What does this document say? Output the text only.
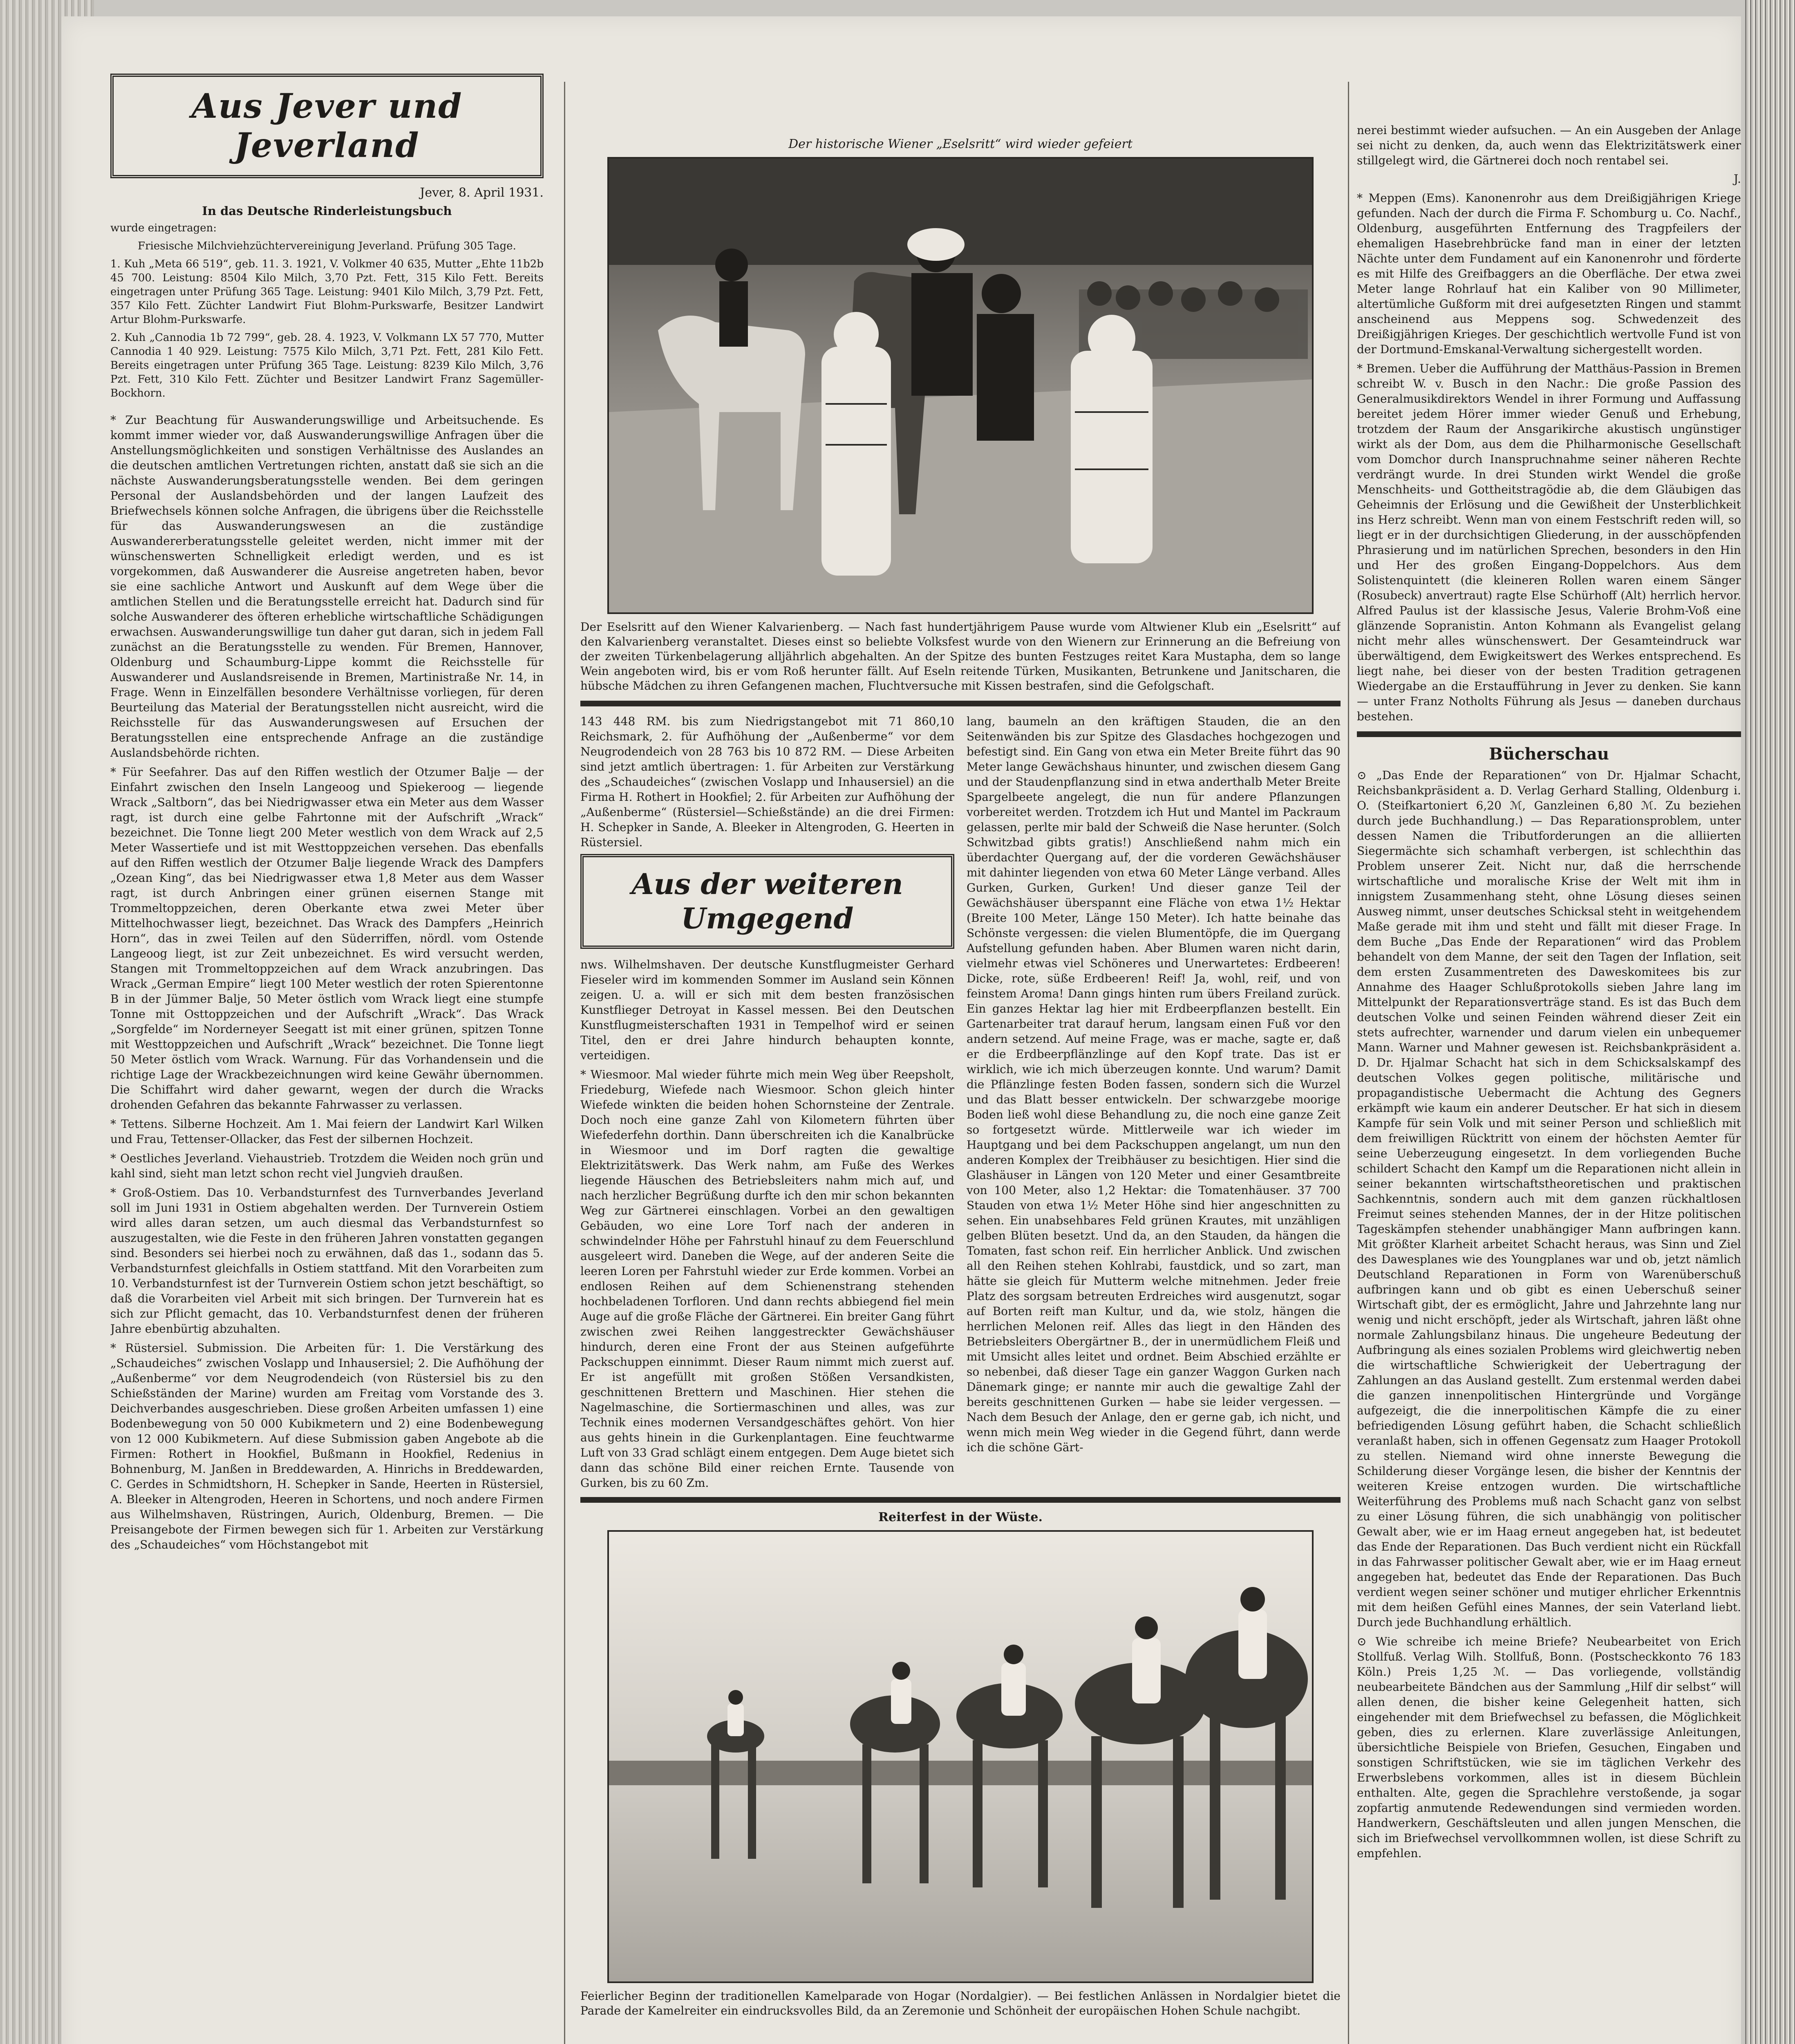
Aus Jever und Jeverland
Jever, 8. April 1931.
In das Deutsche Rinderleistungsbuch

wurde eingetragen:

Friesische Milchviehzüchtervereinigung Jeverland. Prüfung 305 Tage.

1. Kuh „Meta 66 519“, geb. 11. 3. 1921, V. Volkmer 40 635, Mutter „Ehte 11b2b 45 700. Leistung: 8504 Kilo Milch, 3,70 Pzt. Fett, 315 Kilo Fett. Bereits eingetragen unter Prüfung 365 Tage. Leistung: 9401 Kilo Milch, 3,79 Pzt. Fett, 357 Kilo Fett. Züchter Landwirt Fiut Blohm-Purkswarfe, Besitzer Landwirt Artur Blohm-Purkswarfe.

2. Kuh „Cannodia 1b 72 799“, geb. 28. 4. 1923, V. Volkmann LX 57 770, Mutter Cannodia 1 40 929. Leistung: 7575 Kilo Milch, 3,71 Pzt. Fett, 281 Kilo Fett. Bereits eingetragen unter Prüfung 365 Tage. Leistung: 8239 Kilo Milch, 3,76 Pzt. Fett, 310 Kilo Fett. Züchter und Besitzer Landwirt Franz Sagemüller-Bockhorn.

* Zur Beachtung für Auswanderungswillige und Arbeitsuchende. Es kommt immer wieder vor, daß Auswanderungswillige Anfragen über die Anstellungsmöglichkeiten und sonstigen Verhältnisse des Auslandes an die deutschen amtlichen Vertretungen richten, anstatt daß sie sich an die nächste Auswanderungsberatungsstelle wenden. Bei dem geringen Personal der Auslandsbehörden und der langen Laufzeit des Briefwechsels können solche Anfragen, die übrigens über die Reichsstelle für das Auswanderungswesen an die zuständige Auswandererberatungsstelle geleitet werden, nicht immer mit der wünschenswerten Schnelligkeit erledigt werden, und es ist vorgekommen, daß Auswanderer die Ausreise angetreten haben, bevor sie eine sachliche Antwort und Auskunft auf dem Wege über die amtlichen Stellen und die Beratungsstelle erreicht hat. Dadurch sind für solche Auswanderer des öfteren erhebliche wirtschaftliche Schädigungen erwachsen. Auswanderungswillige tun daher gut daran, sich in jedem Fall zunächst an die Beratungsstelle zu wenden. Für Bremen, Hannover, Oldenburg und Schaumburg-Lippe kommt die Reichsstelle für Auswanderer und Auslandsreisende in Bremen, Martinistraße Nr. 14, in Frage. Wenn in Einzelfällen besondere Verhältnisse vorliegen, für deren Beurteilung das Material der Beratungsstellen nicht ausreicht, wird die Reichsstelle für das Auswanderungswesen auf Ersuchen der Beratungsstellen eine entsprechende Anfrage an die zuständige Auslandsbehörde richten.

* Für Seefahrer. Das auf den Riffen westlich der Otzumer Balje — der Einfahrt zwischen den Inseln Langeoog und Spiekeroog — liegende Wrack „Saltborn“, das bei Niedrigwasser etwa ein Meter aus dem Wasser ragt, ist durch eine gelbe Fahrtonne mit der Aufschrift „Wrack“ bezeichnet. Die Tonne liegt 200 Meter westlich von dem Wrack auf 2,5 Meter Wassertiefe und ist mit Westtoppzeichen versehen. Das ebenfalls auf den Riffen westlich der Otzumer Balje liegende Wrack des Dampfers „Ozean King“, das bei Niedrigwasser etwa 1,8 Meter aus dem Wasser ragt, ist durch Anbringen einer grünen eisernen Stange mit Trommeltoppzeichen, deren Oberkante etwa zwei Meter über Mittelhochwasser liegt, bezeichnet. Das Wrack des Dampfers „Heinrich Horn“, das in zwei Teilen auf den Süderriffen, nördl. vom Ostende Langeoog liegt, ist zur Zeit unbezeichnet. Es wird versucht werden, Stangen mit Trommeltoppzeichen auf dem Wrack anzubringen. Das Wrack „German Empire“ liegt 100 Meter westlich der roten Spierentonne B in der Jümmer Balje, 50 Meter östlich vom Wrack liegt eine stumpfe Tonne mit Osttoppzeichen und der Aufschrift „Wrack“. Das Wrack „Sorgfelde“ im Norderneyer Seegatt ist mit einer grünen, spitzen Tonne mit Westtoppzeichen und Aufschrift „Wrack“ bezeichnet. Die Tonne liegt 50 Meter östlich vom Wrack. Warnung. Für das Vorhandensein und die richtige Lage der Wrackbezeichnungen wird keine Gewähr übernommen. Die Schiffahrt wird daher gewarnt, wegen der durch die Wracks drohenden Gefahren das bekannte Fahrwasser zu verlassen.

* Tettens. Silberne Hochzeit. Am 1. Mai feiern der Landwirt Karl Wilken und Frau, Tettenser-Ollacker, das Fest der silbernen Hochzeit.

* Oestliches Jeverland. Viehaustrieb. Trotzdem die Weiden noch grün und kahl sind, sieht man letzt schon recht viel Jungvieh draußen.

* Groß-Ostiem. Das 10. Verbandsturnfest des Turnverbandes Jeverland soll im Juni 1931 in Ostiem abgehalten werden. Der Turnverein Ostiem wird alles daran setzen, um auch diesmal das Verbandsturnfest so auszugestalten, wie die Feste in den früheren Jahren vonstatten gegangen sind. Besonders sei hierbei noch zu erwähnen, daß das 1., sodann das 5. Verbandsturnfest gleichfalls in Ostiem stattfand. Mit den Vorarbeiten zum 10. Verbandsturnfest ist der Turnverein Ostiem schon jetzt beschäftigt, so daß die Vorarbeiten viel Arbeit mit sich bringen. Der Turnverein hat es sich zur Pflicht gemacht, das 10. Verbandsturnfest denen der früheren Jahre ebenbürtig abzuhalten.

* Rüstersiel. Submission. Die Arbeiten für: 1. Die Verstärkung des „Schaudeiches“ zwischen Voslapp und Inhausersiel; 2. Die Aufhöhung der „Außenberme“ vor dem Neugrodendeich (von Rüstersiel bis zu den Schießständen der Marine) wurden am Freitag vom Vorstande des 3. Deichverbandes ausgeschrieben. Diese großen Arbeiten umfassen 1) eine Bodenbewegung von 50 000 Kubikmetern und 2) eine Bodenbewegung von 12 000 Kubikmetern. Auf diese Submission gaben Angebote ab die Firmen: Rothert in Hookfiel, Bußmann in Hookfiel, Redenius in Bohnenburg, M. Janßen in Breddewarden, A. Hinrichs in Breddewarden, C. Gerdes in Schmidtshorn, H. Schepker in Sande, Heerten in Rüstersiel, A. Bleeker in Altengroden, Heeren in Schortens, und noch andere Firmen aus Wilhelmshaven, Rüstringen, Aurich, Oldenburg, Bremen. — Die Preisangebote der Firmen bewegen sich für 1. Arbeiten zur Verstärkung des „Schaudeiches“ vom Höchstangebot mit

Der historische Wiener „Eselsritt“ wird wieder gefeiert
Der Eselsritt auf den Wiener Kalvarienberg. — Nach fast hundertjährigem Pause wurde vom Altwiener Klub ein „Eselsritt“ auf den Kalvarienberg veranstaltet. Dieses einst so beliebte Volksfest wurde von den Wienern zur Erinnerung an die Befreiung von der zweiten Türkenbelagerung alljährlich abgehalten. An der Spitze des bunten Festzuges reitet Kara Mustapha, dem so lange Wein angeboten wird, bis er vom Roß herunter fällt. Auf Eseln reitende Türken, Musikanten, Betrunkene und Janitscharen, die hübsche Mädchen zu ihren Gefangenen machen, Fluchtversuche mit Kissen bestrafen, sind die Gefolgschaft.

143 448 RM. bis zum Niedrigstangebot mit 71 860,10 Reichsmark, 2. für Aufhöhung der „Außenberme“ vor dem Neugrodendeich von 28 763 bis 10 872 RM. — Diese Arbeiten sind jetzt amtlich übertragen: 1. für Arbeiten zur Verstärkung des „Schaudeiches“ (zwischen Voslapp und Inhausersiel) an die Firma H. Rothert in Hookfiel; 2. für Arbeiten zur Aufhöhung der „Außenberme“ (Rüstersiel—Schießstände) an die drei Firmen: H. Schepker in Sande, A. Bleeker in Altengroden, G. Heerten in Rüstersiel.

Aus der weiteren Umgegend

nws. Wilhelmshaven. Der deutsche Kunstflugmeister Gerhard Fieseler wird im kommenden Sommer im Ausland sein Können zeigen. U. a. will er sich mit dem besten französischen Kunstflieger Detroyat in Kassel messen. Bei den Deutschen Kunstflugmeisterschaften 1931 in Tempelhof wird er seinen Titel, den er drei Jahre hindurch behaupten konnte, verteidigen.

* Wiesmoor. Mal wieder führte mich mein Weg über Reepsholt, Friedeburg, Wiefede nach Wiesmoor. Schon gleich hinter Wiefede winkten die beiden hohen Schornsteine der Zentrale. Doch noch eine ganze Zahl von Kilometern führten über Wiefederfehn dorthin. Dann überschreiten ich die Kanalbrücke in Wiesmoor und im Dorf ragten die gewaltige Elektrizitätswerk. Das Werk nahm, am Fuße des Werkes liegende Häuschen des Betriebsleiters nahm mich auf, und nach herzlicher Begrüßung durfte ich den mir schon bekannten Weg zur Gärtnerei einschlagen. Vorbei an den gewaltigen Gebäuden, wo eine Lore Torf nach der anderen in schwindelnder Höhe per Fahrstuhl hinauf zu dem Feuerschlund ausgeleert wird. Daneben die Wege, auf der anderen Seite die leeren Loren per Fahrstuhl wieder zur Erde kommen. Vorbei an endlosen Reihen auf dem Schienenstrang stehenden hochbeladenen Torfloren. Und dann rechts abbiegend fiel mein Auge auf die große Fläche der Gärtnerei. Ein breiter Gang führt zwischen zwei Reihen langgestreckter Gewächshäuser hindurch, deren eine Front der aus Steinen aufgeführte Packschuppen einnimmt. Dieser Raum nimmt mich zuerst auf. Er ist angefüllt mit großen Stößen Versandkisten, geschnittenen Brettern und Maschinen. Hier stehen die Nagelmaschine, die Sortiermaschinen und alles, was zur Technik eines modernen Versandgeschäftes gehört. Von hier aus gehts hinein in die Gurkenplantagen. Eine feuchtwarme Luft von 33 Grad schlägt einem entgegen. Dem Auge bietet sich dann das schöne Bild einer reichen Ernte. Tausende von Gurken, bis zu 60 Zm.

lang, baumeln an den kräftigen Stauden, die an den Seitenwänden bis zur Spitze des Glasdaches hochgezogen und befestigt sind. Ein Gang von etwa ein Meter Breite führt das 90 Meter lange Gewächshaus hinunter, und zwischen diesem Gang und der Staudenpflanzung sind in etwa anderthalb Meter Breite Spargelbeete angelegt, die nun für andere Pflanzungen vorbereitet werden. Trotzdem ich Hut und Mantel im Packraum gelassen, perlte mir bald der Schweiß die Nase herunter. (Solch Schwitzbad gibts gratis!) Anschließend nahm mich ein überdachter Quergang auf, der die vorderen Gewächshäuser mit dahinter liegenden von etwa 60 Meter Länge verband. Alles Gurken, Gurken, Gurken! Und dieser ganze Teil der Gewächshäuser überspannt eine Fläche von etwa 1½ Hektar (Breite 100 Meter, Länge 150 Meter). Ich hatte beinahe das Schönste vergessen: die vielen Blumentöpfe, die im Quergang Aufstellung gefunden haben. Aber Blumen waren nicht darin, vielmehr etwas viel Schöneres und Unerwartetes: Erdbeeren! Dicke, rote, süße Erdbeeren! Reif! Ja, wohl, reif, und von feinstem Aroma! Dann gings hinten rum übers Freiland zurück. Ein ganzes Hektar lag hier mit Erdbeerpflanzen bestellt. Ein Gartenarbeiter trat darauf herum, langsam einen Fuß vor den andern setzend. Auf meine Frage, was er mache, sagte er, daß er die Erdbeerpflänzlinge auf den Kopf trate. Das ist er wirklich, wie ich mich überzeugen konnte. Und warum? Damit die Pflänzlinge festen Boden fassen, sondern sich die Wurzel und das Blatt besser entwickeln. Der schwarzgebe moorige Boden ließ wohl diese Behandlung zu, die noch eine ganze Zeit so fortgesetzt würde. Mittlerweile war ich wieder im Hauptgang und bei dem Packschuppen angelangt, um nun den anderen Komplex der Treibhäuser zu besichtigen. Hier sind die Glashäuser in Längen von 120 Meter und einer Gesamtbreite von 100 Meter, also 1,2 Hektar: die Tomatenhäuser. 37 700 Stauden von etwa 1½ Meter Höhe sind hier angeschnitten zu sehen. Ein unabsehbares Feld grünen Krautes, mit unzähligen gelben Blüten besetzt. Und da, an den Stauden, da hängen die Tomaten, fast schon reif. Ein herrlicher Anblick. Und zwischen all den Reihen stehen Kohlrabi, faustdick, und so zart, man hätte sie gleich für Mutterm welche mitnehmen. Jeder freie Platz des sorgsam betreuten Erdreiches wird ausgenutzt, sogar auf Borten reift man Kultur, und da, wie stolz, hängen die herrlichen Melonen reif. Alles das liegt in den Händen des Betriebsleiters Obergärtner B., der in unermüdlichem Fleiß und mit Umsicht alles leitet und ordnet. Beim Abschied erzählte er so nebenbei, daß dieser Tage ein ganzer Waggon Gurken nach Dänemark ginge; er nannte mir auch die gewaltige Zahl der bereits geschnittenen Gurken — habe sie leider vergessen. — Nach dem Besuch der Anlage, den er gerne gab, ich nicht, und wenn mich mein Weg wieder in die Gegend führt, dann werde ich die schöne Gärt-

Reiterfest in der Wüste.
Feierlicher Beginn der traditionellen Kamelparade von Hogar (Nordalgier). — Bei festlichen Anlässen in Nordalgier bietet die Parade der Kamelreiter ein eindrucksvolles Bild, da an Zeremonie und Schönheit der europäischen Hohen Schule nachgibt.

nerei bestimmt wieder aufsuchen. — An ein Ausgeben der Anlage sei nicht zu denken, da, auch wenn das Elektrizitätswerk einer stillgelegt wird, die Gärtnerei doch noch rentabel sei.

J.

* Meppen (Ems). Kanonenrohr aus dem Dreißigjährigen Kriege gefunden. Nach der durch die Firma F. Schomburg u. Co. Nachf., Oldenburg, ausgeführten Entfernung des Tragpfeilers der ehemaligen Hasebrehbrücke fand man in einer der letzten Nächte unter dem Fundament auf ein Kanonenrohr und förderte es mit Hilfe des Greifbaggers an die Oberfläche. Der etwa zwei Meter lange Rohrlauf hat ein Kaliber von 90 Millimeter, altertümliche Gußform mit drei aufgesetzten Ringen und stammt anscheinend aus Meppens sog. Schwedenzeit des Dreißigjährigen Krieges. Der geschichtlich wertvolle Fund ist von der Dortmund-Emskanal-Verwaltung sichergestellt worden.

* Bremen. Ueber die Aufführung der Matthäus-Passion in Bremen schreibt W. v. Busch in den Nachr.: Die große Passion des Generalmusikdirektors Wendel in ihrer Formung und Auffassung bereitet jedem Hörer immer wieder Genuß und Erhebung, trotzdem der Raum der Ansgarikirche akustisch ungünstiger wirkt als der Dom, aus dem die Philharmonische Gesellschaft vom Domchor durch Inanspruchnahme seiner näheren Rechte verdrängt wurde. In drei Stunden wirkt Wendel die große Menschheits- und Gottheitstragödie ab, die dem Gläubigen das Geheimnis der Erlösung und die Gewißheit der Unsterblichkeit ins Herz schreibt. Wenn man von einem Festschrift reden will, so liegt er in der durchsichtigen Gliederung, in der ausschöpfenden Phrasierung und im natürlichen Sprechen, besonders in den Hin und Her des großen Eingang-Doppelchors. Aus dem Solistenquintett (die kleineren Rollen waren einem Sänger (Rosubeck) anvertraut) ragte Else Schürhoff (Alt) herrlich hervor. Alfred Paulus ist der klassische Jesus, Valerie Brohm-Voß eine glänzende Sopranistin. Anton Kohmann als Evangelist gelang nicht mehr alles wünschenswert. Der Gesamteindruck war überwältigend, dem Ewigkeitswert des Werkes entsprechend. Es liegt nahe, bei dieser von der besten Tradition getragenen Wiedergabe an die Erstaufführung in Jever zu denken. Sie kann — unter Franz Notholts Führung als Jesus — daneben durchaus bestehen.

Bücherschau

⊙ „Das Ende der Reparationen“ von Dr. Hjalmar Schacht, Reichsbankpräsident a. D. Verlag Gerhard Stalling, Oldenburg i. O. (Steifkartoniert 6,20 ℳ, Ganzleinen 6,80 ℳ. Zu beziehen durch jede Buchhandlung.) — Das Reparationsproblem, unter dessen Namen die Tributforderungen an die alliierten Siegermächte sich schamhaft verbergen, ist schlechthin das Problem unserer Zeit. Nicht nur, daß die herrschende wirtschaftliche und moralische Krise der Welt mit ihm in innigstem Zusammenhang steht, ohne Lösung dieses seinen Ausweg nimmt, unser deutsches Schicksal steht in weitgehendem Maße gerade mit ihm und steht und fällt mit dieser Frage. In dem Buche „Das Ende der Reparationen“ wird das Problem behandelt von dem Manne, der seit den Tagen der Inflation, seit dem ersten Zusammentreten des Daweskomitees bis zur Annahme des Haager Schlußprotokolls sieben Jahre lang im Mittelpunkt der Reparationsverträge stand. Es ist das Buch dem deutschen Volke und seinen Feinden während dieser Zeit ein stets aufrechter, warnender und darum vielen ein unbequemer Mann. Warner und Mahner gewesen ist. Reichsbankpräsident a. D. Dr. Hjalmar Schacht hat sich in dem Schicksalskampf des deutschen Volkes gegen politische, militärische und propagandistische Uebermacht die Achtung des Gegners erkämpft wie kaum ein anderer Deutscher. Er hat sich in diesem Kampfe für sein Volk und mit seiner Person und schließlich mit dem freiwilligen Rücktritt von einem der höchsten Aemter für seine Ueberzeugung eingesetzt. In dem vorliegenden Buche schildert Schacht den Kampf um die Reparationen nicht allein in seiner bekannten wirtschaftstheoretischen und praktischen Sachkenntnis, sondern auch mit dem ganzen rückhaltlosen Freimut seines stehenden Mannes, der in der Hitze politischen Tageskämpfen stehender unabhängiger Mann aufbringen kann. Mit größter Klarheit arbeitet Schacht heraus, was Sinn und Ziel des Dawesplanes wie des Youngplanes war und ob, jetzt nämlich Deutschland Reparationen in Form von Warenüberschuß aufbringen kann und ob gibt es einen Ueberschuß seiner Wirtschaft gibt, der es ermöglicht, Jahre und Jahrzehnte lang nur wenig und nicht erschöpft, jeder als Wirtschaft, jahren läßt ohne normale Zahlungsbilanz hinaus. Die ungeheure Bedeutung der Aufbringung als eines sozialen Problems wird gleichwertig neben die wirtschaftliche Schwierigkeit der Uebertragung der Zahlungen an das Ausland gestellt. Zum erstenmal werden dabei die ganzen innenpolitischen Hintergründe und Vorgänge aufgezeigt, die die innerpolitischen Kämpfe die zu einer befriedigenden Lösung geführt haben, die Schacht schließlich veranlaßt haben, sich in offenen Gegensatz zum Haager Protokoll zu stellen. Niemand wird ohne innerste Bewegung die Schilderung dieser Vorgänge lesen, die bisher der Kenntnis der weiteren Kreise entzogen wurden. Die wirtschaftliche Weiterführung des Problems muß nach Schacht ganz von selbst zu einer Lösung führen, die sich unabhängig von politischer Gewalt aber, wie er im Haag erneut angegeben hat, ist bedeutet das Ende der Reparationen. Das Buch verdient nicht ein Rückfall in das Fahrwasser politischer Gewalt aber, wie er im Haag erneut angegeben hat, bedeutet das Ende der Reparationen. Das Buch verdient wegen seiner schöner und mutiger ehrlicher Erkenntnis mit dem heißen Gefühl eines Mannes, der sein Vaterland liebt. Durch jede Buchhandlung erhältlich.

⊙ Wie schreibe ich meine Briefe? Neubearbeitet von Erich Stollfuß. Verlag Wilh. Stollfuß, Bonn. (Postscheckkonto 76 183 Köln.) Preis 1,25 ℳ. — Das vorliegende, vollständig neubearbeitete Bändchen aus der Sammlung „Hilf dir selbst“ will allen denen, die bisher keine Gelegenheit hatten, sich eingehender mit dem Briefwechsel zu befassen, die Möglichkeit geben, dies zu erlernen. Klare zuverlässige Anleitungen, übersichtliche Beispiele von Briefen, Gesuchen, Eingaben und sonstigen Schriftstücken, wie sie im täglichen Verkehr des Erwerbslebens vorkommen, alles ist in diesem Büchlein enthalten. Alte, gegen die Sprachlehre verstoßende, ja sogar zopfartig anmutende Redewendungen sind vermieden worden. Handwerkern, Geschäftsleuten und allen jungen Menschen, die sich im Briefwechsel vervollkommnen wollen, ist diese Schrift zu empfehlen.
